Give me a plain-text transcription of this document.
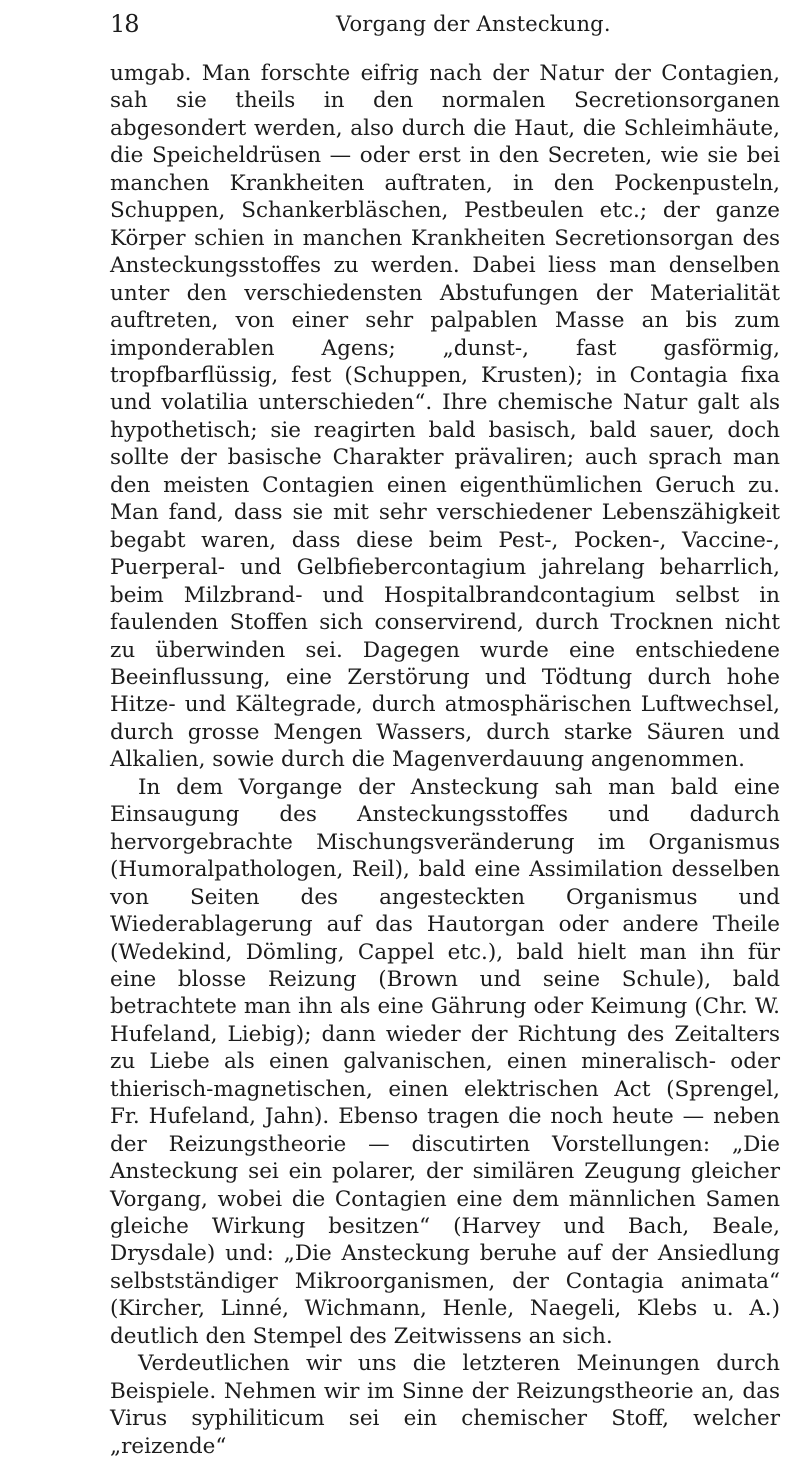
18	Vorgang der Ansteckung.

umgab. Man forschte eifrig nach der Natur der Contagien, sah sie theils in den normalen Secretionsorganen abgesondert werden, also durch die Haut, die Schleimhäute, die Speicheldrüsen — oder erst in den Secreten, wie sie bei manchen Krankheiten auftraten, in den Pockenpusteln, Schuppen, Schankerbläschen, Pestbeulen etc.; der ganze Körper schien in manchen Krankheiten Secretionsorgan des Ansteckungsstoffes zu werden. Dabei liess man denselben unter den verschiedensten Abstufungen der Materialität auftreten, von einer sehr palpablen Masse an bis zum imponderablen Agens; „dunst-, fast gasförmig, tropfbarflüssig, fest (Schuppen, Krusten); in Contagia fixa und volatilia unterschieden“. Ihre chemische Natur galt als hypothetisch; sie reagirten bald basisch, bald sauer, doch sollte der basische Charakter prävaliren; auch sprach man den meisten Contagien einen eigenthümlichen Geruch zu. Man fand, dass sie mit sehr verschiedener Lebenszähigkeit begabt waren, dass diese beim Pest-, Pocken-, Vaccine-, Puerperal- und Gelbfiebercontagium jahrelang beharrlich, beim Milzbrand- und Hospitalbrandcontagium selbst in faulenden Stoffen sich conservirend, durch Trocknen nicht zu überwinden sei. Dagegen wurde eine entschiedene Beeinflussung, eine Zerstörung und Tödtung durch hohe Hitze- und Kältegrade, durch atmosphärischen Luftwechsel, durch grosse Mengen Wassers, durch starke Säuren und Alkalien, sowie durch die Magenverdauung angenommen.

In dem Vorgange der Ansteckung sah man bald eine Einsaugung des Ansteckungsstoffes und dadurch hervorgebrachte Mischungsveränderung im Organismus (Humoralpathologen, Reil), bald eine Assimilation desselben von Seiten des angesteckten Organismus und Wiederablagerung auf das Hautorgan oder andere Theile (Wedekind, Dömling, Cappel etc.), bald hielt man ihn für eine blosse Reizung (Brown und seine Schule), bald betrachtete man ihn als eine Gährung oder Keimung (Chr. W. Hufeland, Liebig); dann wieder der Richtung des Zeitalters zu Liebe als einen galvanischen, einen mineralisch- oder thierisch-magnetischen, einen elektrischen Act (Sprengel, Fr. Hufeland, Jahn). Ebenso tragen die noch heute — neben der Reizungstheorie — discutirten Vorstellungen: „Die Ansteckung sei ein polarer, der similären Zeugung gleicher Vorgang, wobei die Contagien eine dem männlichen Samen gleiche Wirkung besitzen“ (Harvey und Bach, Beale, Drysdale) und: „Die Ansteckung beruhe auf der Ansiedlung selbstständiger Mikroorganismen, der Contagia animata“ (Kircher, Linné, Wichmann, Henle, Naegeli, Klebs u. A.) deutlich den Stempel des Zeitwissens an sich.

Verdeutlichen wir uns die letzteren Meinungen durch Beispiele. Nehmen wir im Sinne der Reizungstheorie an, das Virus syphiliticum sei ein chemischer Stoff, welcher „reizende“
